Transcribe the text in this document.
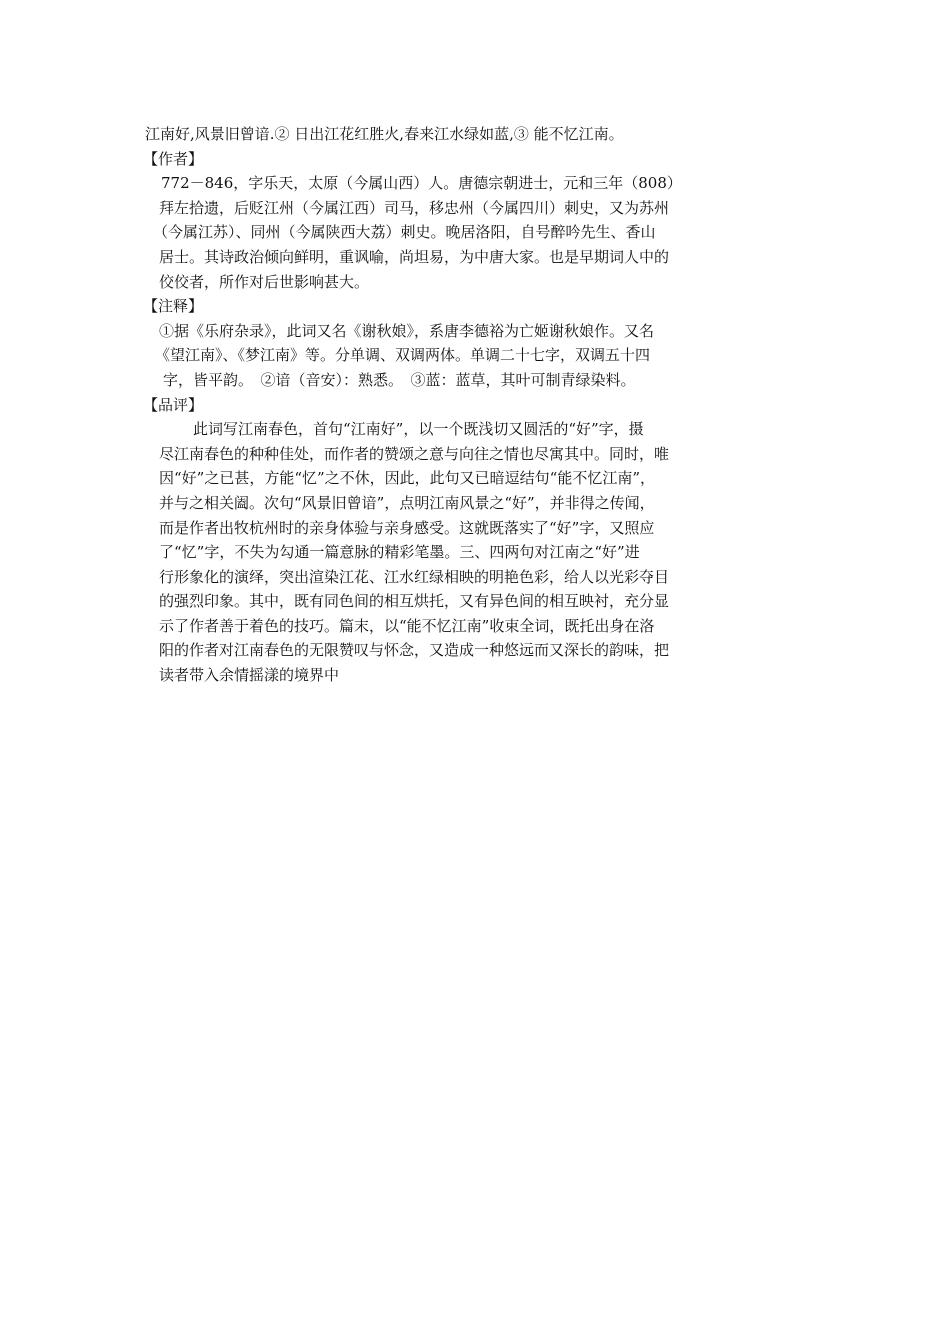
江南好,风景旧曾谙.② 日出江花红胜火,春来江水绿如蓝,③ 能不忆江南。
【作者】
772－846，字乐天，太原（今属山西）人。唐德宗朝进士，元和三年（808）
拜左拾遗，后贬江州（今属江西）司马，移忠州（今属四川）刺史，又为苏州
（今属江苏）、同州（今属陕西大荔）刺史。晚居洛阳，自号醉吟先生、香山
居士。其诗政治倾向鲜明，重讽喻，尚坦易，为中唐大家。也是早期词人中的
佼佼者，所作对后世影响甚大。
【注释】
①据《乐府杂录》，此词又名《谢秋娘》，系唐李德裕为亡姬谢秋娘作。又名
《望江南》、《梦江南》等。分单调、双调两体。单调二十七字，双调五十四
字，皆平韵。　②谙（音安）：熟悉。　③蓝：蓝草，其叶可制青绿染料。
【品评】
此词写江南春色，首句“江南好”，以一个既浅切又圆活的“好”字，摄
尽江南春色的种种佳处，而作者的赞颂之意与向往之情也尽寓其中。同时，唯
因“好”之已甚，方能“忆”之不休，因此，此句又已暗逗结句“能不忆江南”，
并与之相关阖。次句“风景旧曾谙”，点明江南风景之“好”，并非得之传闻，
而是作者出牧杭州时的亲身体验与亲身感受。这就既落实了“好”字，又照应
了“忆”字，不失为勾通一篇意脉的精彩笔墨。三、四两句对江南之“好”进
行形象化的演绎，突出渲染江花、江水红绿相映的明艳色彩，给人以光彩夺目
的强烈印象。其中，既有同色间的相互烘托，又有异色间的相互映衬，充分显
示了作者善于着色的技巧。篇末，以“能不忆江南”收束全词，既托出身在洛
阳的作者对江南春色的无限赞叹与怀念，又造成一种悠远而又深长的韵味，把
读者带入余情摇漾的境界中
